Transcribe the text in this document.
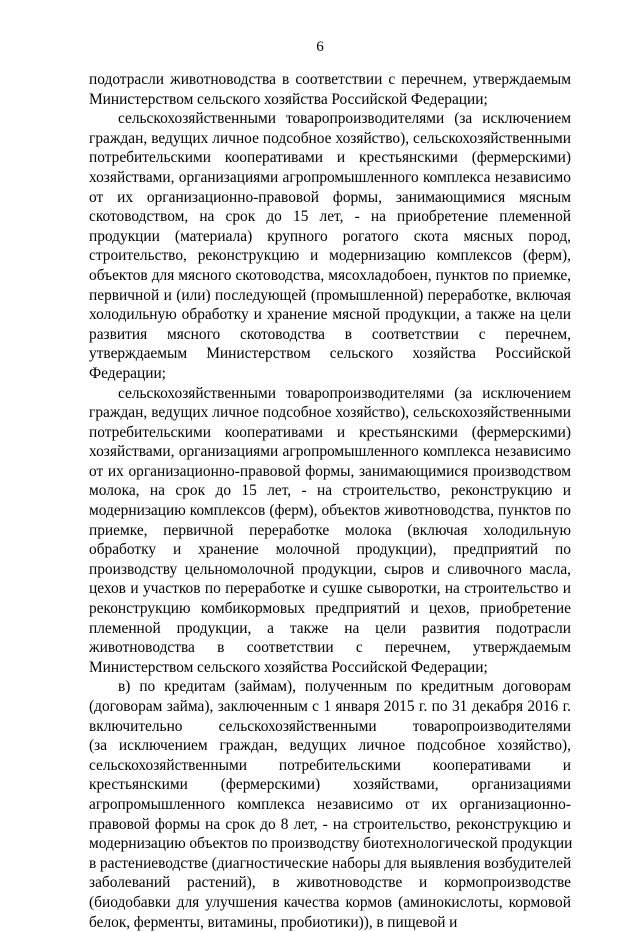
6
подотрасли животноводства в соответствии с перечнем, утверждаемым
Министерством сельского хозяйства Российской Федерации;
сельскохозяйственными товаропроизводителями (за исключением
граждан, ведущих личное подсобное хозяйство), сельскохозяйственными
потребительскими кооперативами и крестьянскими (фермерскими)
хозяйствами, организациями агропромышленного комплекса независимо
от их организационно-правовой формы, занимающимися мясным
скотоводством, на срок до 15 лет, - на приобретение племенной
продукции (материала) крупного рогатого скота мясных пород,
строительство, реконструкцию и модернизацию комплексов (ферм),
объектов для мясного скотоводства, мясохладобоен, пунктов по приемке,
первичной и (или) последующей (промышленной) переработке, включая
холодильную обработку и хранение мясной продукции, а также на цели
развития мясного скотоводства в соответствии с перечнем,
утверждаемым Министерством сельского хозяйства Российской
Федерации;
сельскохозяйственными товаропроизводителями (за исключением
граждан, ведущих личное подсобное хозяйство), сельскохозяйственными
потребительскими кооперативами и крестьянскими (фермерскими)
хозяйствами, организациями агропромышленного комплекса независимо
от их организационно-правовой формы, занимающимися производством
молока, на срок до 15 лет, - на строительство, реконструкцию и
модернизацию комплексов (ферм), объектов животноводства, пунктов по
приемке, первичной переработке молока (включая холодильную
обработку и хранение молочной продукции), предприятий по
производству цельномолочной продукции, сыров и сливочного масла,
цехов и участков по переработке и сушке сыворотки, на строительство и
реконструкцию комбикормовых предприятий и цехов, приобретение
племенной продукции, а также на цели развития подотрасли
животноводства в соответствии с перечнем, утверждаемым
Министерством сельского хозяйства Российской Федерации;
в) по кредитам (займам), полученным по кредитным договорам
(договорам займа), заключенным с 1 января 2015 г. по 31 декабря 2016 г.
включительно сельскохозяйственными товаропроизводителями
(за исключением граждан, ведущих личное подсобное хозяйство),
сельскохозяйственными потребительскими кооперативами и
крестьянскими (фермерскими) хозяйствами, организациями
агропромышленного комплекса независимо от их организационно-
правовой формы на срок до 8 лет, - на строительство, реконструкцию и
модернизацию объектов по производству биотехнологической продукции
в растениеводстве (диагностические наборы для выявления возбудителей
заболеваний растений), в животноводстве и кормопроизводстве
(биодобавки для улучшения качества кормов (аминокислоты, кормовой
белок, ферменты, витамины, пробиотики)), в пищевой и
